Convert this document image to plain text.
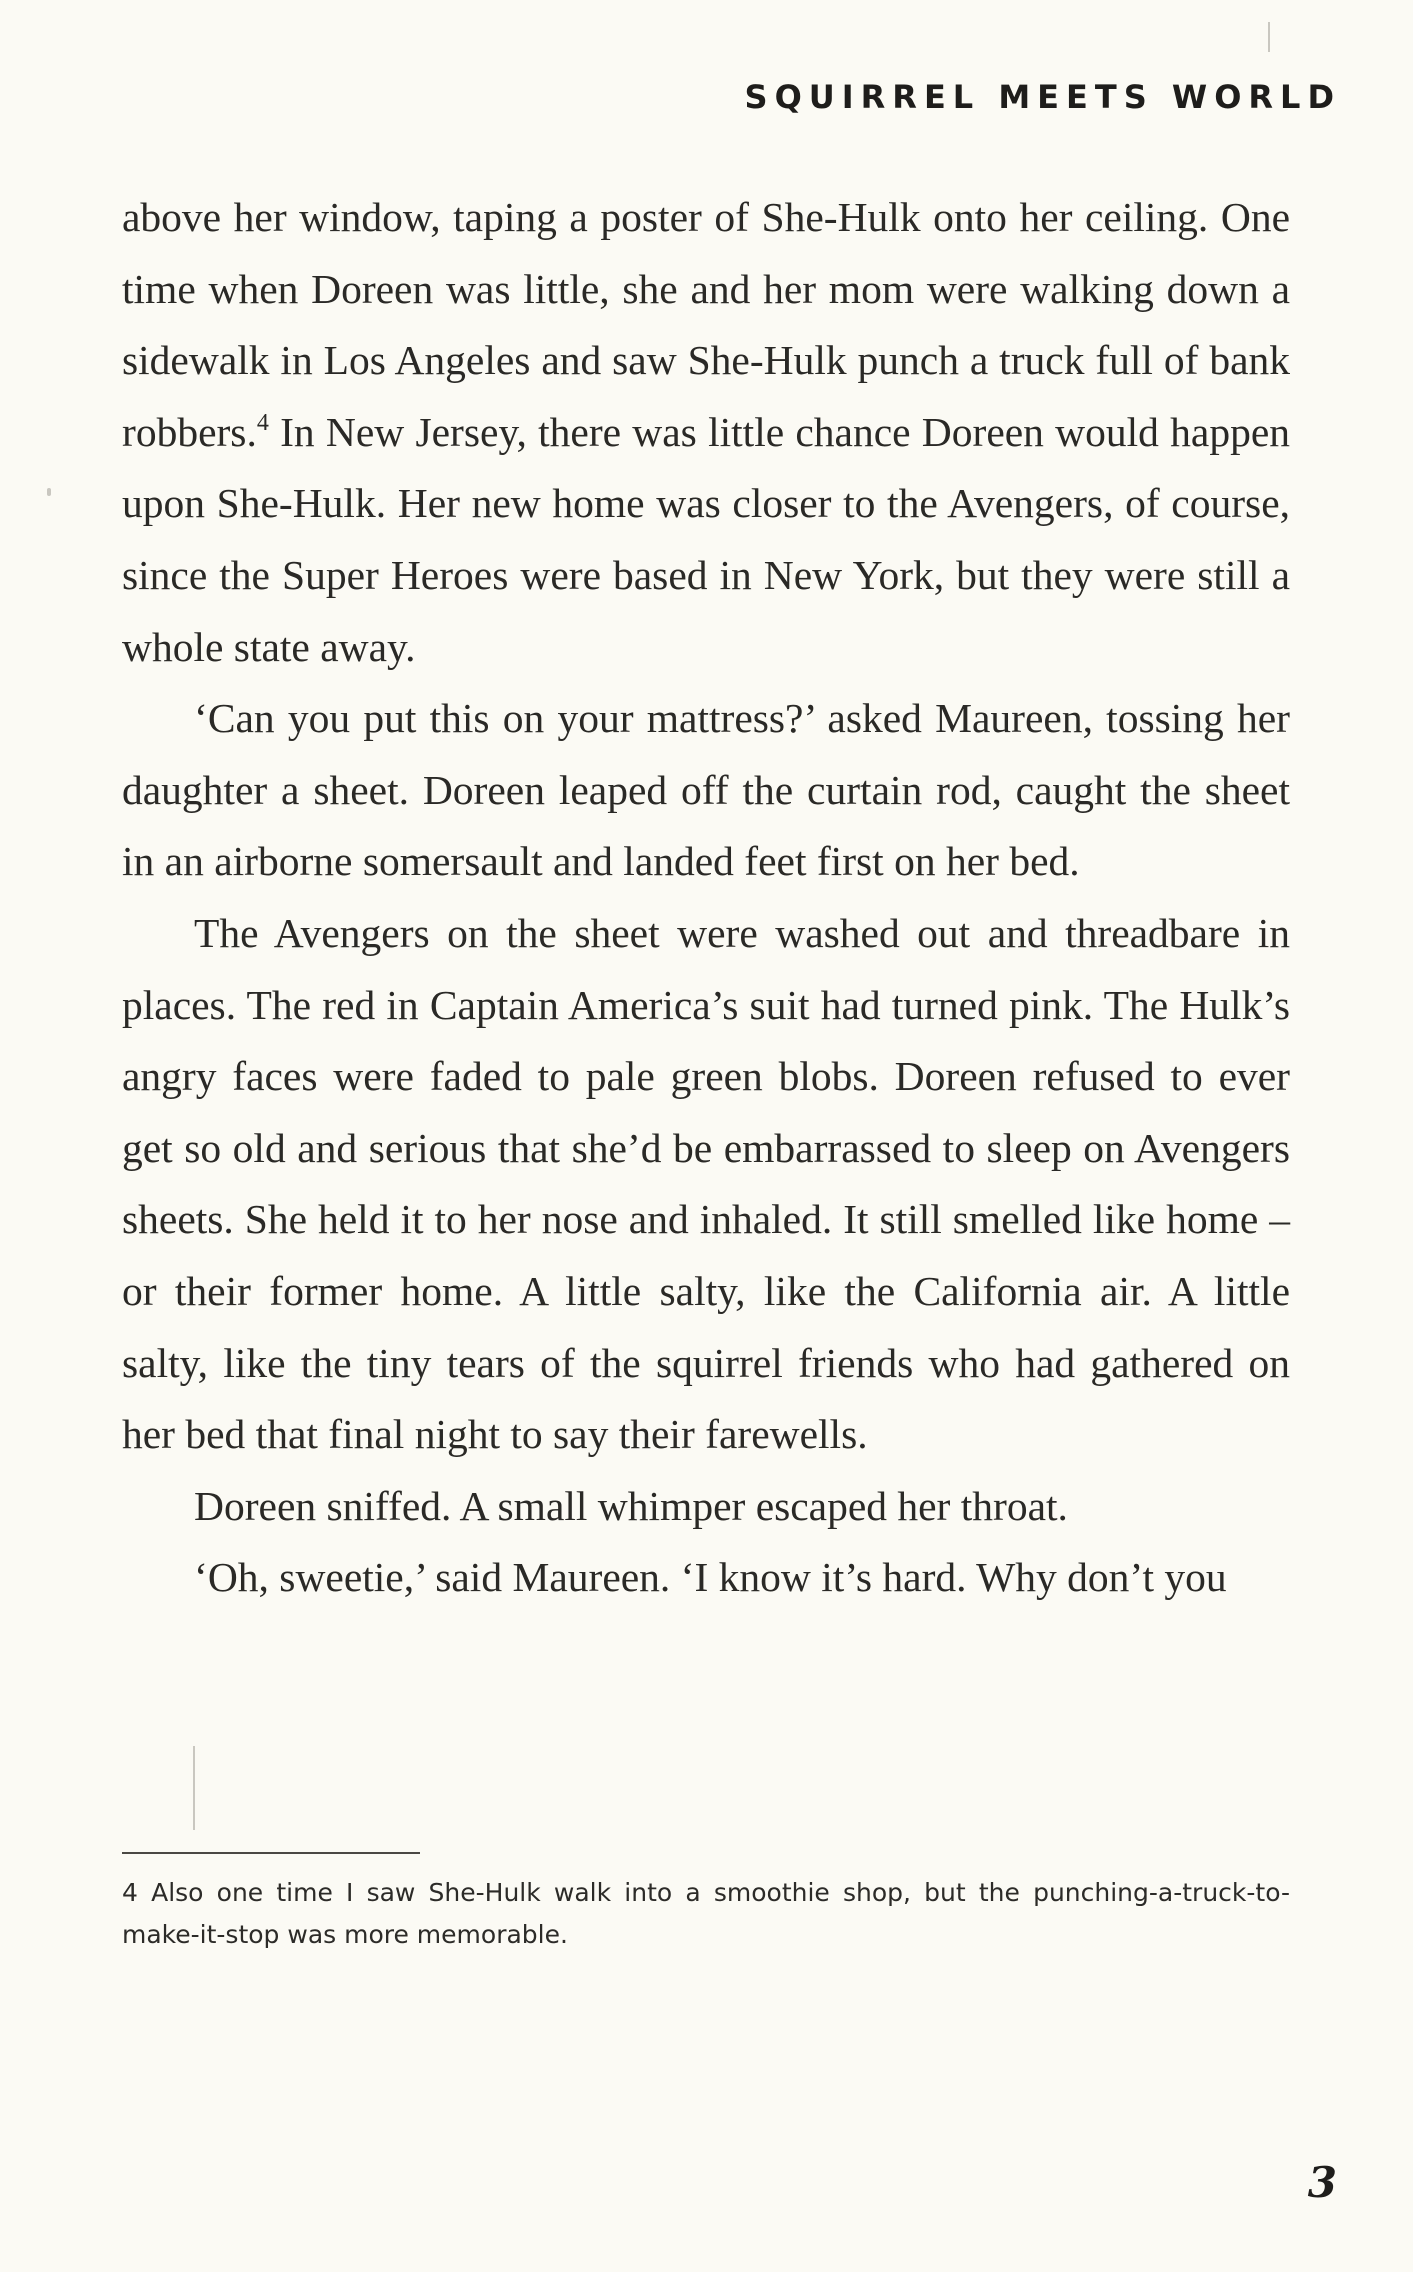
SQUIRREL MEETS WORLD

above her window, taping a poster of She-Hulk onto her ceiling. One time when Doreen was little, she and her mom were walking down a sidewalk in Los Angeles and saw She-Hulk punch a truck full of bank robbers.$^4$ In New Jersey, there was little chance Doreen would happen upon She-Hulk. Her new home was closer to the Avengers, of course, since the Super Heroes were based in New York, but they were still a whole state away.

‘Can you put this on your mattress?’ asked Maureen, tossing her daughter a sheet. Doreen leaped off the curtain rod, caught the sheet in an airborne somersault and landed feet first on her bed.

The Avengers on the sheet were washed out and threadbare in places. The red in Captain America’s suit had turned pink. The Hulk’s angry faces were faded to pale green blobs. Doreen refused to ever get so old and serious that she’d be embarrassed to sleep on Avengers sheets. She held it to her nose and inhaled. It still smelled like home – or their former home. A little salty, like the California air. A little salty, like the tiny tears of the squirrel friends who had gathered on her bed that final night to say their farewells.

Doreen sniffed. A small whimper escaped her throat.

‘Oh, sweetie,’ said Maureen. ‘I know it’s hard. Why don’t you

4 Also one time I saw She-Hulk walk into a smoothie shop, but the punching-a-truck-to-make-it-stop was more memorable.
3
